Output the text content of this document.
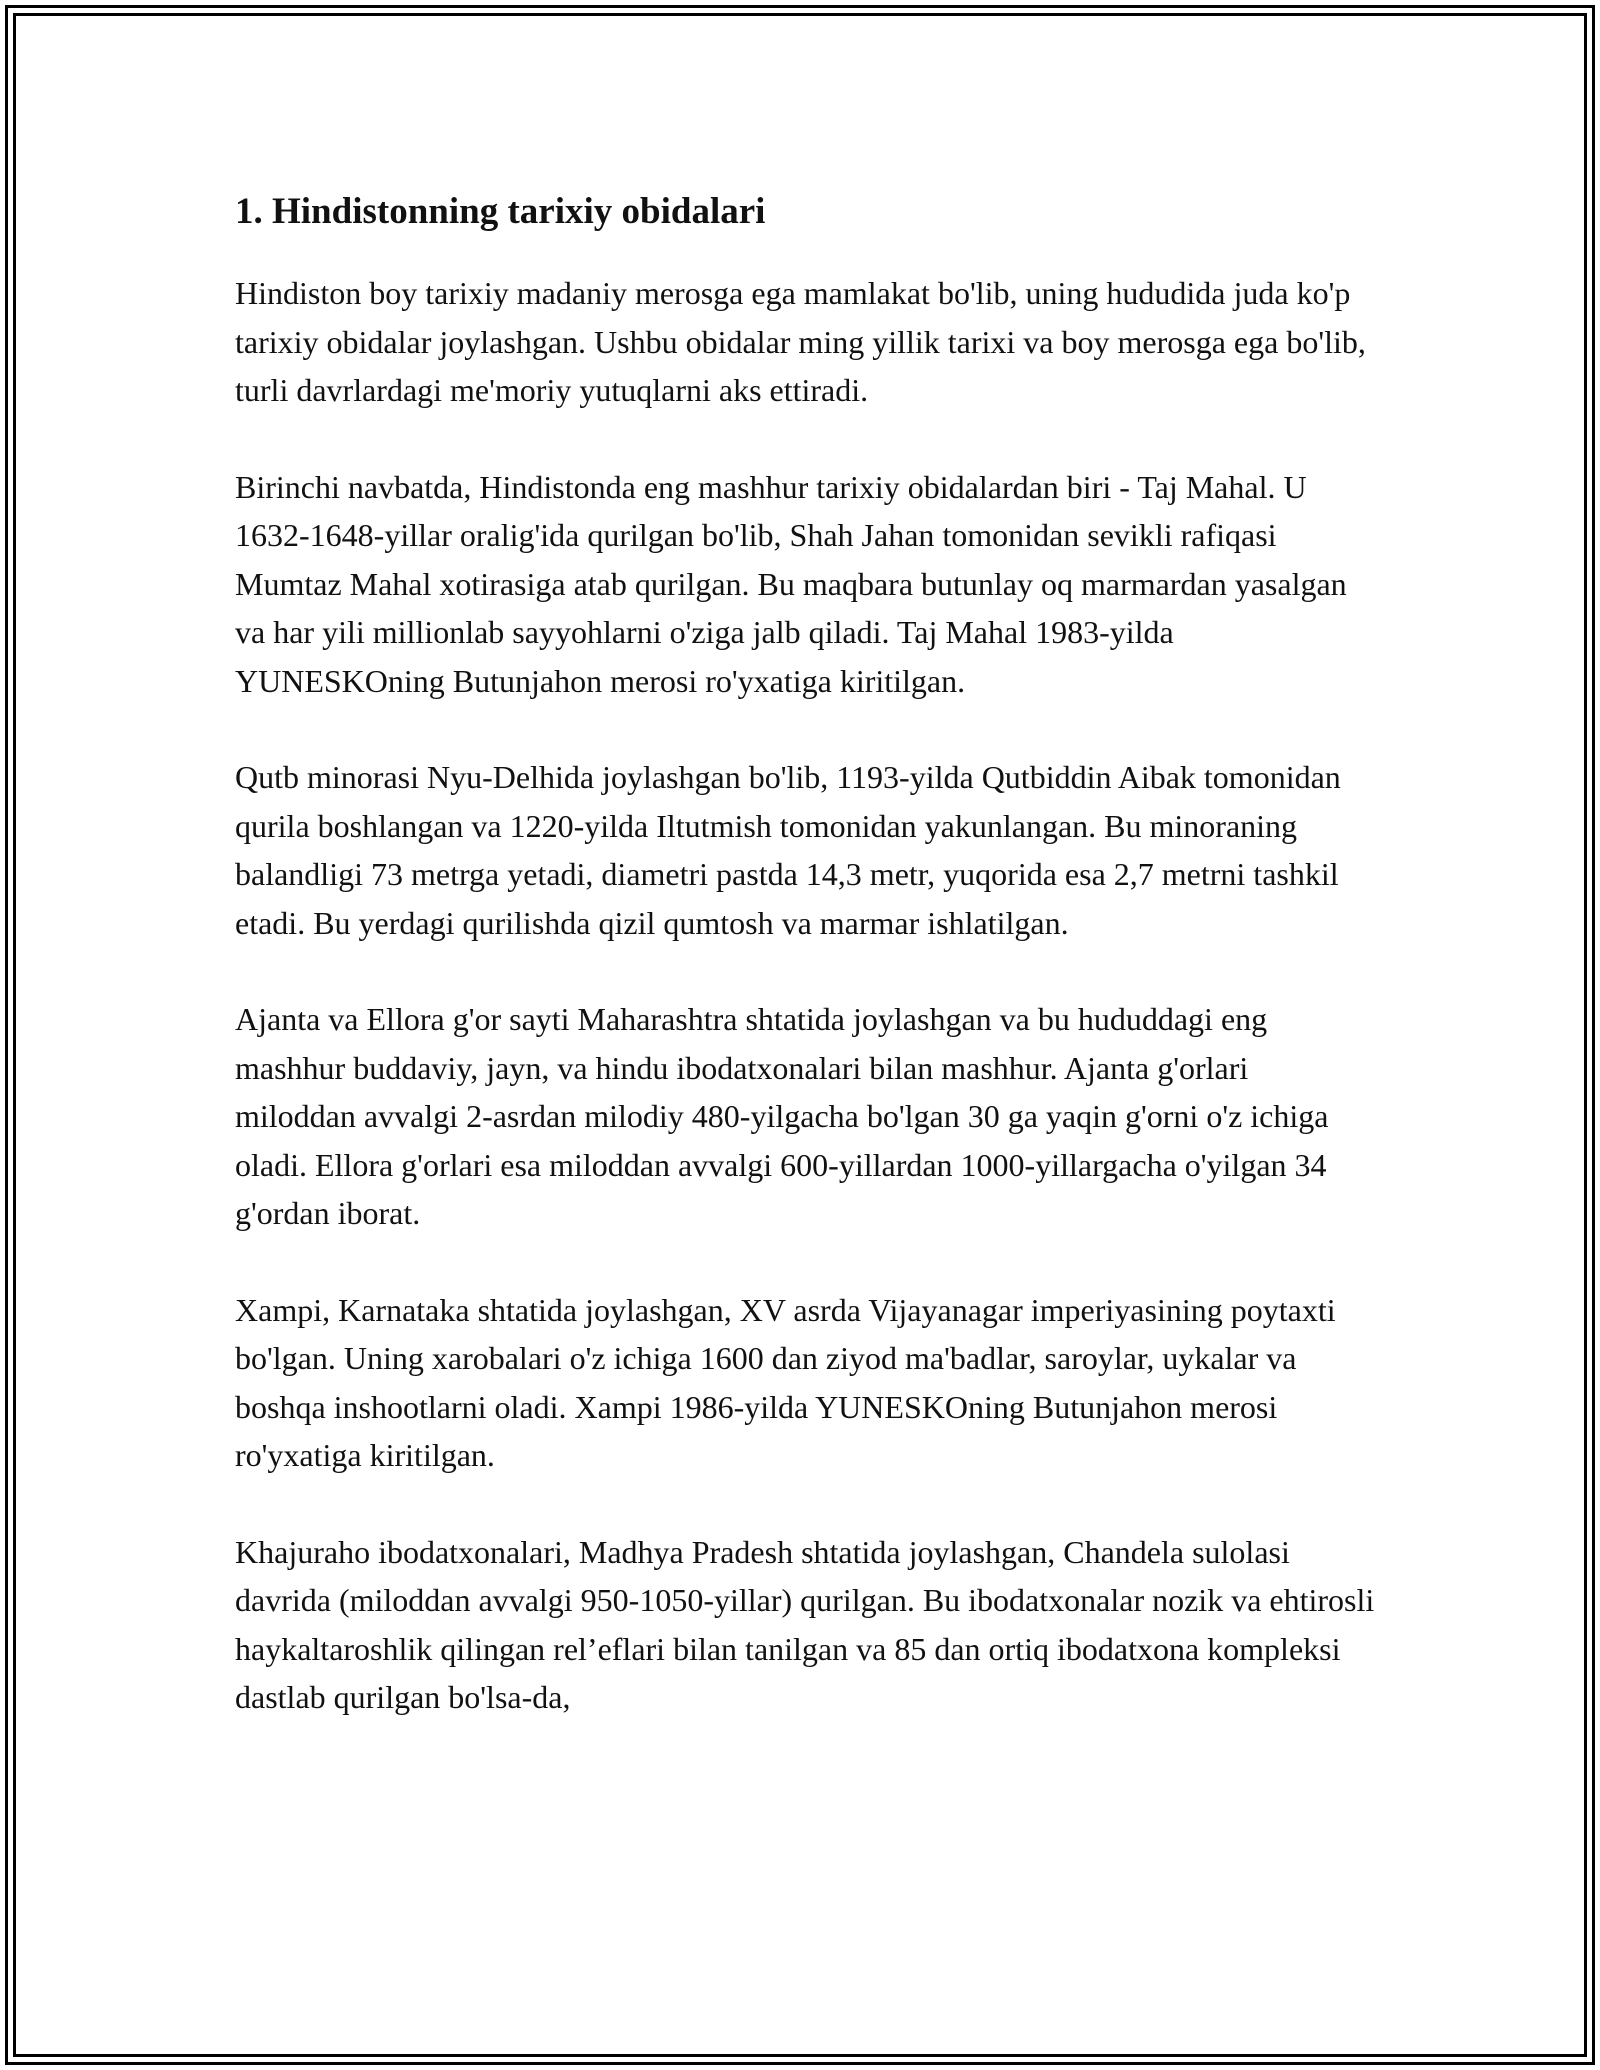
1. Hindistonning tarixiy obidalari

Hindiston boy tarixiy madaniy merosga ega mamlakat bo'lib, uning hududida juda ko'p tarixiy obidalar joylashgan. Ushbu obidalar ming yillik tarixi va boy merosga ega bo'lib, turli davrlardagi me'moriy yutuqlarni aks ettiradi.

Birinchi navbatda, Hindistonda eng mashhur tarixiy obidalardan biri - Taj Mahal. U 1632-1648-yillar oralig'ida qurilgan bo'lib, Shah Jahan tomonidan sevikli rafiqasi Mumtaz Mahal xotirasiga atab qurilgan. Bu maqbara butunlay oq marmardan yasalgan va har yili millionlab sayyohlarni o'ziga jalb qiladi. Taj Mahal 1983-yilda YUNESKOning Butunjahon merosi ro'yxatiga kiritilgan.

Qutb minorasi Nyu-Delhida joylashgan bo'lib, 1193-yilda Qutbiddin Aibak tomonidan qurila boshlangan va 1220-yilda Iltutmish tomonidan yakunlangan. Bu minoraning balandligi 73 metrga yetadi, diametri pastda 14,3 metr, yuqorida esa 2,7 metrni tashkil etadi. Bu yerdagi qurilishda qizil qumtosh va marmar ishlatilgan.

Ajanta va Ellora g'or sayti Maharashtra shtatida joylashgan va bu hududdagi eng mashhur buddaviy, jayn, va hindu ibodatxonalari bilan mashhur. Ajanta g'orlari miloddan avvalgi 2-asrdan milodiy 480-yilgacha bo'lgan 30 ga yaqin g'orni o'z ichiga oladi. Ellora g'orlari esa miloddan avvalgi 600-yillardan 1000-yillargacha o'yilgan 34 g'ordan iborat.

Xampi, Karnataka shtatida joylashgan, XV asrda Vijayanagar imperiyasining poytaxti bo'lgan. Uning xarobalari o'z ichiga 1600 dan ziyod ma'badlar, saroylar, uykalar va boshqa inshootlarni oladi. Xampi 1986-yilda YUNESKOning Butunjahon merosi ro'yxatiga kiritilgan.

Khajuraho ibodatxonalari, Madhya Pradesh shtatida joylashgan, Chandela sulolasi davrida (miloddan avvalgi 950-1050-yillar) qurilgan. Bu ibodatxonalar nozik va ehtirosli haykaltaroshlik qilingan rel’eflari bilan tanilgan va 85 dan ortiq ibodatxona kompleksi dastlab qurilgan bo'lsa-da,
